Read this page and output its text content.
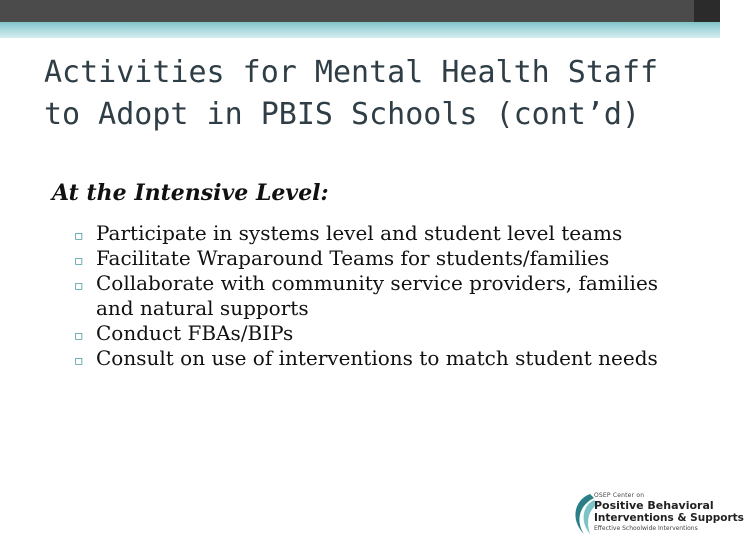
Activities for Mental Health Staff to Adopt in PBIS Schools (cont’d)
At the Intensive Level:
▫ Participate in systems level and student level teams
▫ Facilitate Wraparound Teams for students/families
▫ Collaborate with community service providers, families and natural supports
▫ Conduct FBAs/BIPs
▫ Consult on use of interventions to match student needs
OSEP Center on
Positive Behavioral
Interventions & Supports
Effective Schoolwide Interventions
